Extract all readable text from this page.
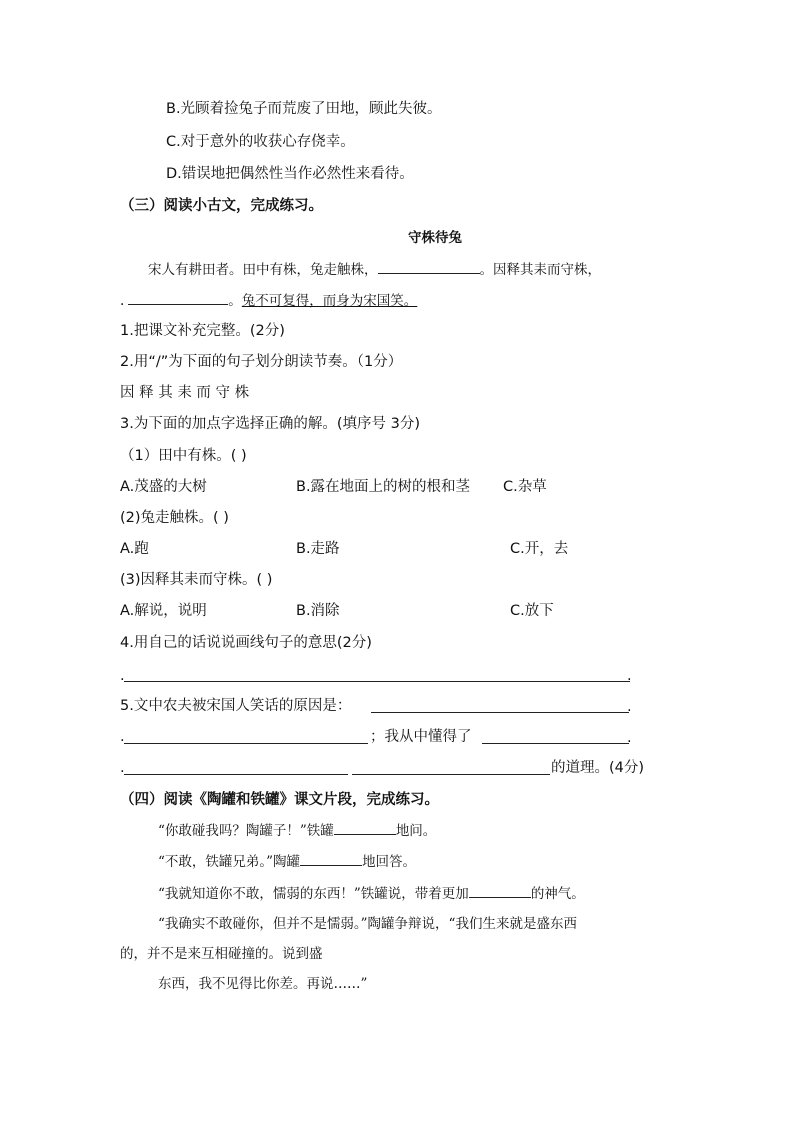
B.光顾着捡兔子而荒废了田地，顾此失彼。
C.对于意外的收获心存侥幸。
D.错误地把偶然性当作必然性来看待。
（三）阅读小古文，完成练习。
守株待兔
宋人有耕田者。田中有株，兔走触株，	。因释其耒而守株，
.	。兔不可复得，而身为宋国笑。
1.把课文补充完整。(2分)
2.用“/”为下面的句子划分朗读节奏。（1分）
因 释 其 耒 而 守 株
3.为下面的加点字选择正确的解。(填序号 3分)
（1）田中有株。( )
A.茂盛的大树	B.露在地面上的树的根和茎 C.杂草
(2)兔走触株。( )
A.跑	B.走路	C.开，去
(3)因释其耒而守株。( )
A.解说，说明	B.消除	C.放下
4.用自己的话说说画线句子的意思(2分)
.	.
5.文中农夫被宋国人笑话的原因是：	.
.	；我从中懂得了	.
.	的道理。(4分)
（四）阅读《陶罐和铁罐》课文片段，完成练习。
“你敢碰我吗？陶罐子！”铁罐	地问。
“不敢，铁罐兄弟。”陶罐	地回答。
“我就知道你不敢，懦弱的东西！”铁罐说，带着更加	的神气。
“我确实不敢碰你，但并不是懦弱。”陶罐争辩说，“我们生来就是盛东西
的，并不是来互相碰撞的。说到盛
东西，我不见得比你差。再说……”
